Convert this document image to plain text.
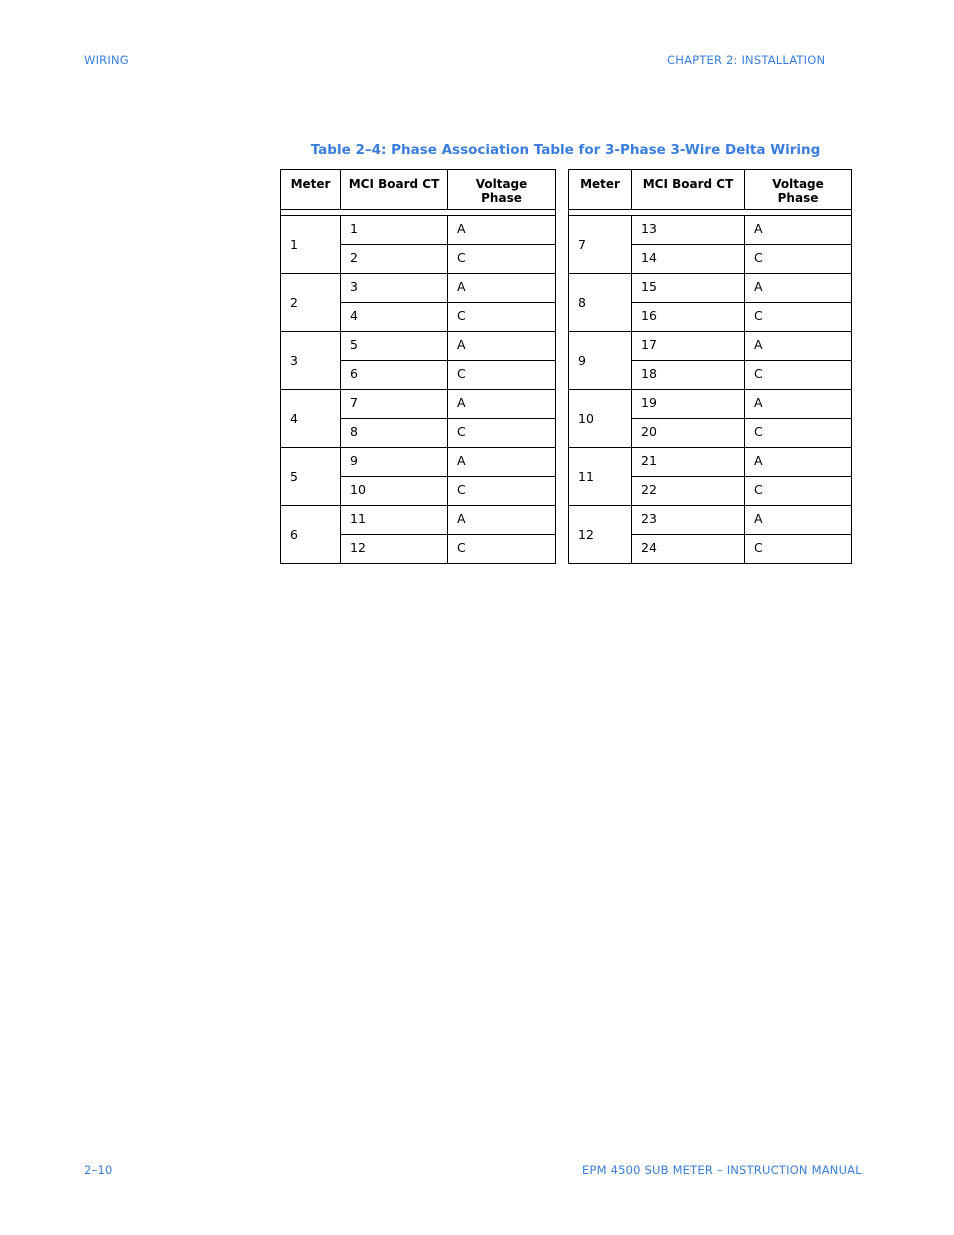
WIRING	CHAPTER 2: INSTALLATION
Table 2–4: Phase Association Table for 3-Phase 3-Wire Delta Wiring
Meter	MCI Board CT	Voltage
Phase

1	1	A
	2	C
2	3	A
	4	C
3	5	A
	6	C
4	7	A
	8	C
5	9	A
	10	C
6	11	A
	12	C
Meter	MCI Board CT	Voltage
Phase

7	13	A
	14	C
8	15	A
	16	C
9	17	A
	18	C
10	19	A
	20	C
11	21	A
	22	C
12	23	A
	24	C
2–10	EPM 4500 SUB METER – INSTRUCTION MANUAL
